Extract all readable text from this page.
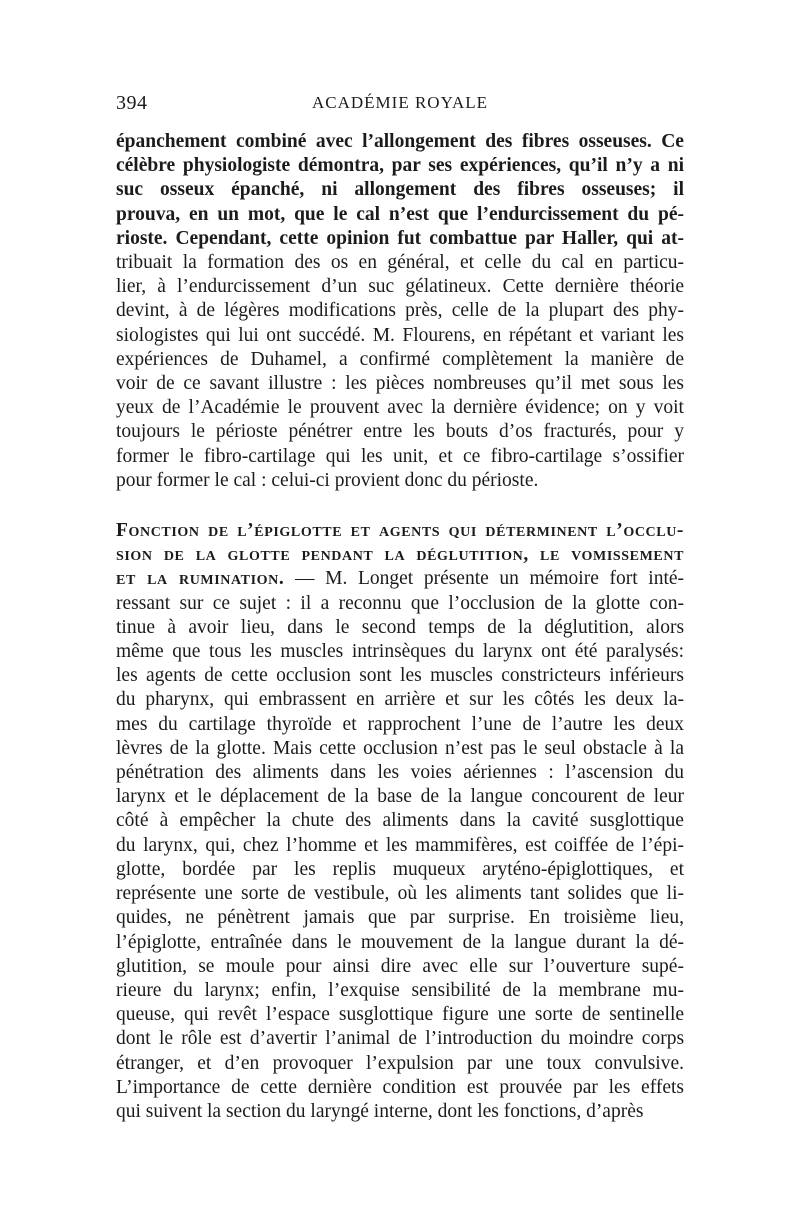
394	ACADÉMIE ROYALE
épanchement combiné avec l’allongement des fibres osseuses. Ce
célèbre physiologiste démontra, par ses expériences, qu’il n’y a ni
suc osseux épanché, ni allongement des fibres osseuses; il
prouva, en un mot, que le cal n’est que l’endurcissement du pé-
rioste. Cependant, cette opinion fut combattue par Haller, qui at-
tribuait la formation des os en général, et celle du cal en particu-
lier, à l’endurcissement d’un suc gélatineux. Cette dernière théorie
devint, à de légères modifications près, celle de la plupart des phy-
siologistes qui lui ont succédé. M. Flourens, en répétant et variant les
expériences de Duhamel, a confirmé complètement la manière de
voir de ce savant illustre : les pièces nombreuses qu’il met sous les
yeux de l’Académie le prouvent avec la dernière évidence; on y voit
toujours le périoste pénétrer entre les bouts d’os fracturés, pour y
former le fibro-cartilage qui les unit, et ce fibro-cartilage s’ossifier
pour former le cal : celui-ci provient donc du périoste.
Fonction de l’épiglotte et agents qui déterminent l’occlu-
sion de la glotte pendant la déglutition, le vomissement
et la rumination. — M. Longet présente un mémoire fort inté-
ressant sur ce sujet : il a reconnu que l’occlusion de la glotte con-
tinue à avoir lieu, dans le second temps de la déglutition, alors
même que tous les muscles intrinsèques du larynx ont été paralysés:
les agents de cette occlusion sont les muscles constricteurs inférieurs
du pharynx, qui embrassent en arrière et sur les côtés les deux la-
mes du cartilage thyroïde et rapprochent l’une de l’autre les deux
lèvres de la glotte. Mais cette occlusion n’est pas le seul obstacle à la
pénétration des aliments dans les voies aériennes : l’ascension du
larynx et le déplacement de la base de la langue concourent de leur
côté à empêcher la chute des aliments dans la cavité susglottique
du larynx, qui, chez l’homme et les mammifères, est coiffée de l’épi-
glotte, bordée par les replis muqueux aryténo-épiglottiques, et
représente une sorte de vestibule, où les aliments tant solides que li-
quides, ne pénètrent jamais que par surprise. En troisième lieu,
l’épiglotte, entraînée dans le mouvement de la langue durant la dé-
glutition, se moule pour ainsi dire avec elle sur l’ouverture supé-
rieure du larynx; enfin, l’exquise sensibilité de la membrane mu-
queuse, qui revêt l’espace susglottique figure une sorte de sentinelle
dont le rôle est d’avertir l’animal de l’introduction du moindre corps
étranger, et d’en provoquer l’expulsion par une toux convulsive.
L’importance de cette dernière condition est prouvée par les effets
qui suivent la section du laryngé interne, dont les fonctions, d’après
